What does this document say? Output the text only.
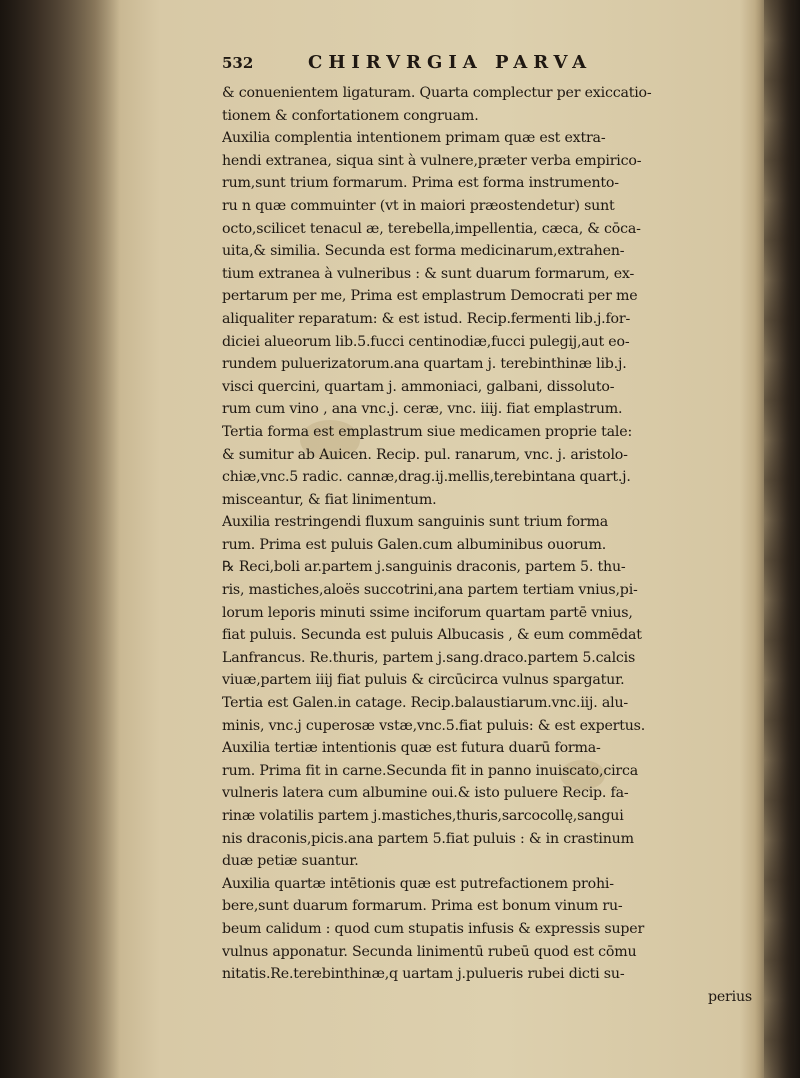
532	CHIRVRGIA PARVA
& conuenientem ligaturam. Quarta complectur per exiccatio-
tionem & confortationem congruam.
Auxilia complentia intentionem primam quæ est extra-
hendi extranea, siqua sint à vulnere,præter verba empirico-
rum,sunt trium formarum. Prima est forma instrumento-
ru n quæ commuinter (vt in maiori præostendetur) sunt
octo,scilicet tenacul æ, terebella,impellentia, cæca, & cōca-
uita,& similia. Secunda est forma medicinarum,extrahen-
tium extranea à vulneribus : & sunt duarum formarum, ex-
pertarum per me, Prima est emplastrum Democrati per me
aliqualiter reparatum: & est istud. Recip.fermenti lib.j.for-
diciei alueorum lib.5.fucci centinodiæ,fucci pulegij,aut eo-
rundem puluerizatorum.ana quartam j. terebinthinæ lib.j.
visci quercini, quartam j. ammoniaci, galbani, dissoluto-
rum cum vino , ana vnc.j. ceræ, vnc. iiij. fiat emplastrum.
Tertia forma est emplastrum siue medicamen proprie tale:
& sumitur ab Auicen. Recip. pul. ranarum, vnc. j. aristolo-
chiæ,vnc.5 radic. cannæ,drag.ij.mellis,terebintana quart.j.
misceantur, & fiat linimentum.
Auxilia restringendi fluxum sanguinis sunt trium forma
rum. Prima est puluis Galen.cum albuminibus ouorum.
℞ Reci,boli ar.partem j.sanguinis draconis, partem 5. thu-
ris, mastiches,aloës succotrini,ana partem tertiam vnius,pi-
lorum leporis minuti ssime inciforum quartam partē vnius,
fiat puluis. Secunda est puluis Albucasis , & eum commēdat
Lanfrancus. Re.thuris, partem j.sang.draco.partem 5.calcis
viuæ,partem iiij fiat puluis & circūcirca vulnus spargatur.
Tertia est Galen.in catage. Recip.balaustiarum.vnc.iij. alu-
minis, vnc.j cuperosæ vstæ,vnc.5.fiat puluis: & est expertus.
Auxilia tertiæ intentionis quæ est futura duarū forma-
rum. Prima fit in carne.Secunda fit in panno inuiscato,circa
vulneris latera cum albumine oui.& isto puluere Recip. fa-
rinæ volatilis partem j.mastiches,thuris,sarcocollę,sangui
nis draconis,picis.ana partem 5.fiat puluis : & in crastinum
duæ petiæ suantur.
Auxilia quartæ intētionis quæ est putrefactionem prohi-
bere,sunt duarum formarum. Prima est bonum vinum ru-
beum calidum : quod cum stupatis infusis & expressis super
vulnus apponatur. Secunda linimentū rubeū quod est cōmu
nitatis.Re.terebinthinæ,q uartam j.pulueris rubei dicti su-
perius
